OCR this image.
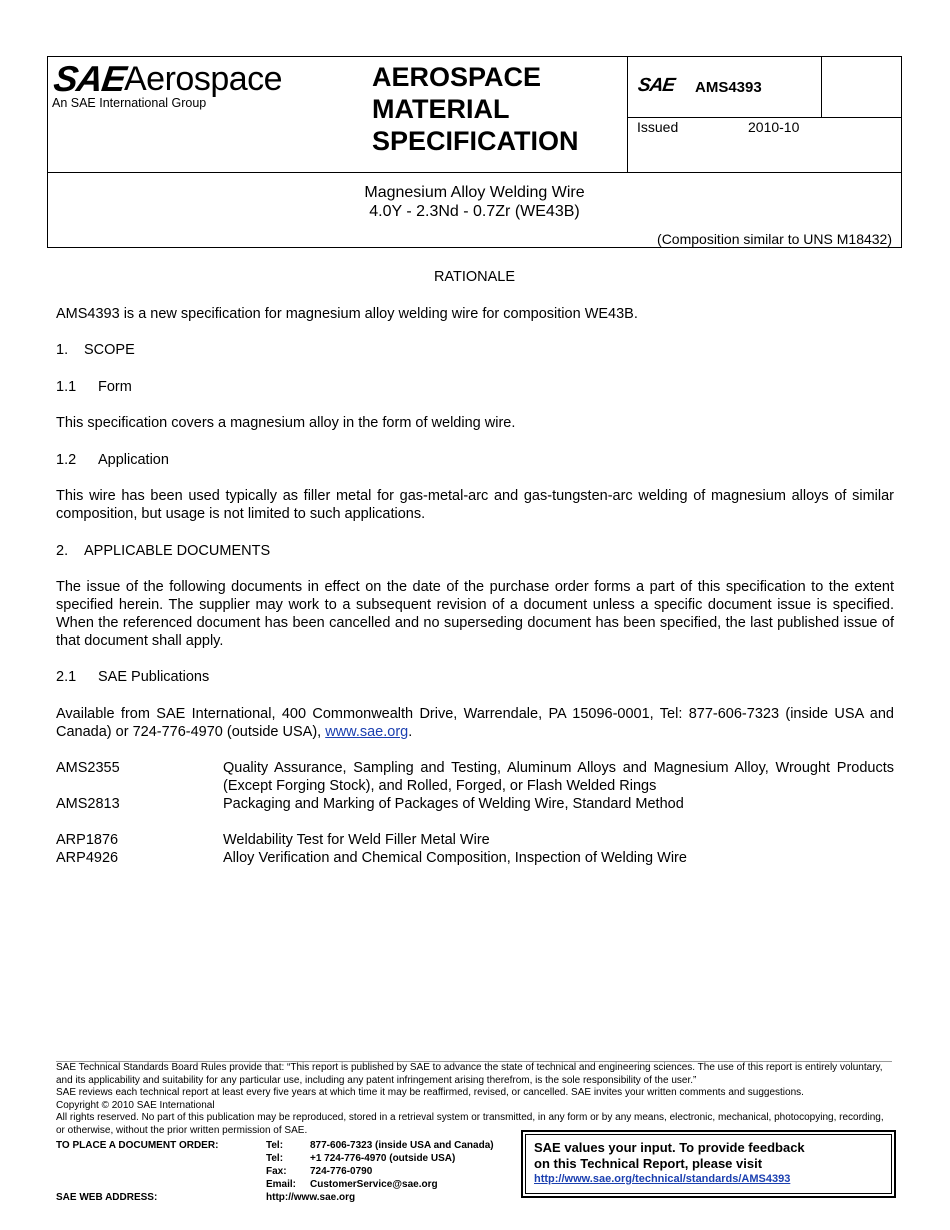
SAE
Aerospace
An SAE International Group
AEROSPACE
MATERIAL
SPECIFICATION
SAE AMS4393
Issued	2010-10
Magnesium Alloy Welding Wire
4.0Y - 2.3Nd - 0.7Zr (WE43B)
(Composition similar to UNS M18432)
RATIONALE
AMS4393 is a new specification for magnesium alloy welding wire for composition WE43B.
1. SCOPE
1.1 Form
This specification covers a magnesium alloy in the form of welding wire.
1.2 Application
This wire has been used typically as filler metal for gas-metal-arc and gas-tungsten-arc welding of magnesium alloys of similar composition, but usage is not limited to such applications.
2. APPLICABLE DOCUMENTS
The issue of the following documents in effect on the date of the purchase order forms a part of this specification to the extent specified herein. The supplier may work to a subsequent revision of a document unless a specific document issue is specified. When the referenced document has been cancelled and no superseding document has been specified, the last published issue of that document shall apply.
2.1 SAE Publications
Available from SAE International, 400 Commonwealth Drive, Warrendale, PA 15096-0001, Tel: 877-606-7323 (inside USA and Canada) or 724-776-4970 (outside USA), www.sae.org.
AMS2355	Quality Assurance, Sampling and Testing, Aluminum Alloys and Magnesium Alloy, Wrought Products (Except Forging Stock), and Rolled, Forged, or Flash Welded Rings
AMS2813	Packaging and Marking of Packages of Welding Wire, Standard Method
ARP1876	Weldability Test for Weld Filler Metal Wire
ARP4926	Alloy Verification and Chemical Composition, Inspection of Welding Wire
SAE Technical Standards Board Rules provide that: “This report is published by SAE to advance the state of technical and engineering sciences. The use of this report is entirely voluntary, and its applicability and suitability for any particular use, including any patent infringement arising therefrom, is the sole responsibility of the user.”
SAE reviews each technical report at least every five years at which time it may be reaffirmed, revised, or cancelled. SAE invites your written comments and suggestions.
Copyright © 2010 SAE International
All rights reserved. No part of this publication may be reproduced, stored in a retrieval system or transmitted, in any form or by any means, electronic, mechanical, photocopying, recording, or otherwise, without the prior written permission of SAE.
TO PLACE A DOCUMENT ORDER:	Tel:	877-606-7323 (inside USA and Canada)
Tel:	+1 724-776-4970 (outside USA)
Fax: 724-776-0790
Email: CustomerService@sae.org
SAE WEB ADDRESS:	http://www.sae.org
SAE values your input. To provide feedback
on this Technical Report, please visit
http://www.sae.org/technical/standards/AMS4393
